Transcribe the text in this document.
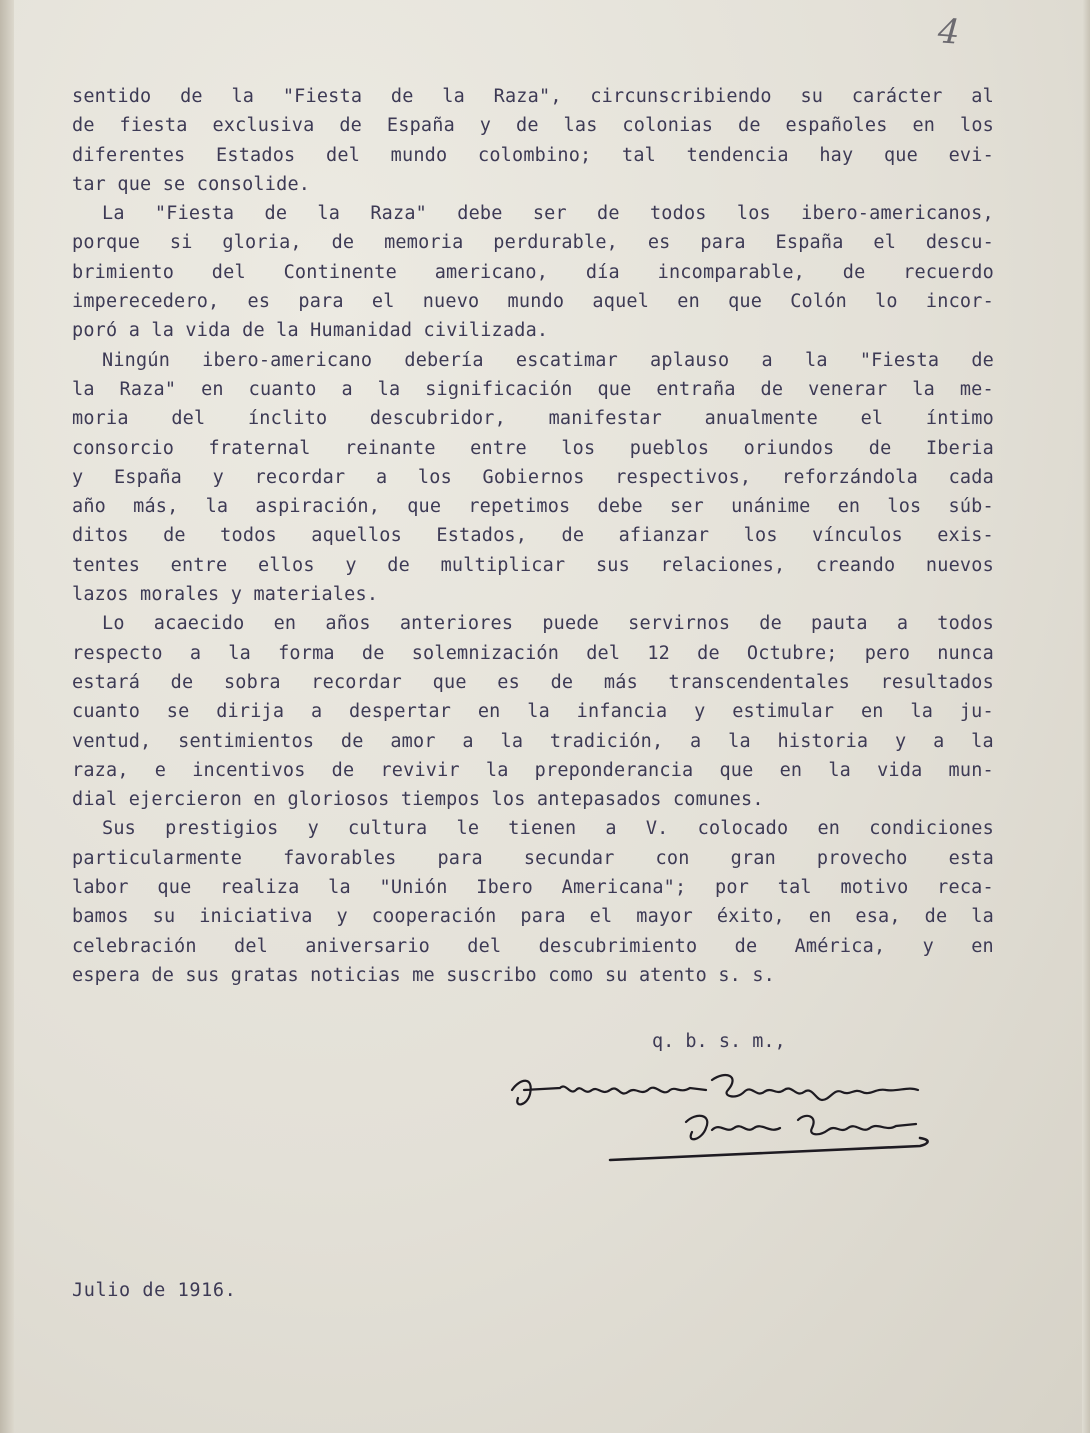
4
sentido de la "Fiesta de la Raza", circunscribiendo su carácter al
de fiesta exclusiva de España y de las colonias de españoles en los
diferentes Estados del mundo colombino; tal tendencia hay que evi-
tar que se consolide.
La "Fiesta de la Raza" debe ser de todos los ibero-americanos,
porque si gloria, de memoria perdurable, es para España el descu-
brimiento del Continente americano, día incomparable, de recuerdo
imperecedero, es para el nuevo mundo aquel en que Colón lo incor-
poró a la vida de la Humanidad civilizada.
Ningún ibero-americano debería escatimar aplauso a la "Fiesta de
la Raza" en cuanto a la significación que entraña de venerar la me-
moria del ínclito descubridor, manifestar anualmente el íntimo
consorcio fraternal reinante entre los pueblos oriundos de Iberia
y España y recordar a los Gobiernos respectivos, reforzándola cada
año más, la aspiración, que repetimos debe ser unánime en los súb-
ditos de todos aquellos Estados, de afianzar los vínculos exis-
tentes entre ellos y de multiplicar sus relaciones, creando nuevos
lazos morales y materiales.
Lo acaecido en años anteriores puede servirnos de pauta a todos
respecto a la forma de solemnización del 12 de Octubre; pero nunca
estará de sobra recordar que es de más transcendentales resultados
cuanto se dirija a despertar en la infancia y estimular en la ju-
ventud, sentimientos de amor a la tradición, a la historia y a la
raza, e incentivos de revivir la preponderancia que en la vida mun-
dial ejercieron en gloriosos tiempos los antepasados comunes.
Sus prestigios y cultura le tienen a V. colocado en condiciones
particularmente favorables para secundar con gran provecho esta
labor que realiza la "Unión Ibero Americana"; por tal motivo reca-
bamos su iniciativa y cooperación para el mayor éxito, en esa, de la
celebración del aniversario del descubrimiento de América, y en
espera de sus gratas noticias me suscribo como su atento s. s.
q. b. s. m.,
Julio de 1916.
